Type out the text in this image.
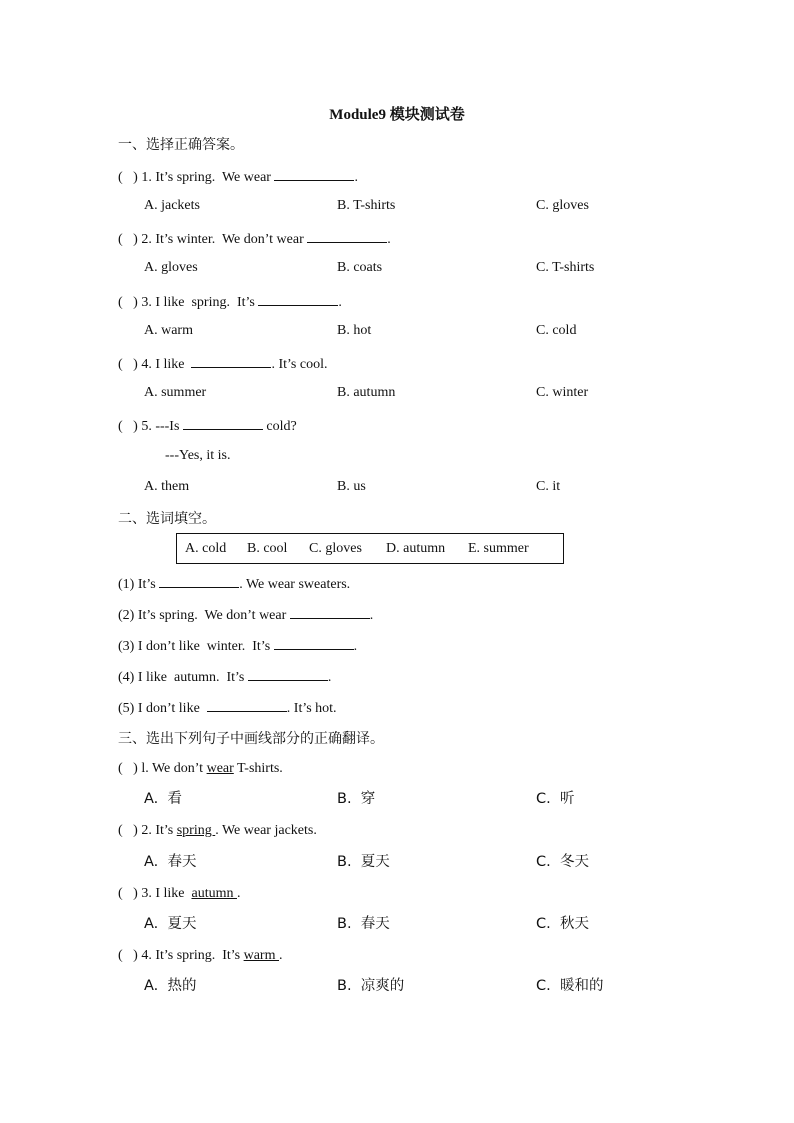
Module9 模块测试卷
一、选择正确答案。
(   ) 1. It’s spring.  We wear	.
A. jackets	B. T-shirts	C. gloves
(   ) 2. It’s winter.  We don’t wear	.
A. gloves	B. coats	C. T-shirts
(   ) 3. I like  spring.  It’s	.
A. warm	B. hot	C. cold
(   ) 4. I like	. It’s cool.
A. summer	B. autumn	C. winter
(   ) 5. ---Is	cold?
---Yes, it is.
A. them	B. us	C. it
二、选词填空。
A. cold B. cool C. gloves D. autumn E. summer
(1) It’s	. We wear sweaters.
(2) It’s spring.  We don’t wear	.
(3) I don’t like  winter.  It’s	.
(4) I like  autumn.  It’s	.
(5) I don’t like	. It’s hot.
三、选出下列句子中画线部分的正确翻译。
(   ) l. We don’t wear T-shirts.
A. 看	B. 穿	C. 听
(   ) 2. It’s spring . We wear jackets.
A. 春天	B. 夏天	C. 冬天
(   ) 3. I like  autumn .
A. 夏天	B. 春天	C. 秋天
(   ) 4. It’s spring.  It’s warm .
A. 热的	B. 凉爽的	C. 暖和的
